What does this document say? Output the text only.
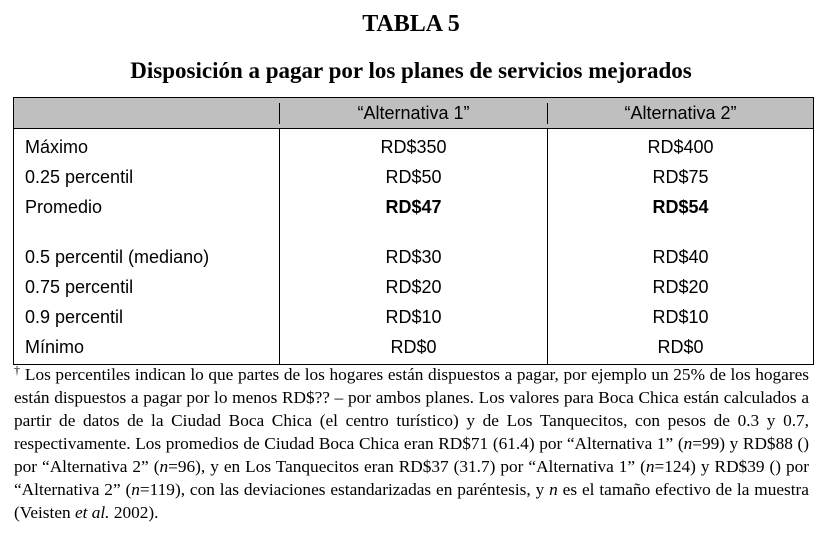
TABLA 5
Disposición a pagar por los planes de servicios mejorados
“Alternativa 1”	“Alternativa 2”
Máximo
0.25 percentil
Promedio
0.5 percentil (mediano)
0.75 percentil
0.9 percentil
Mínimo
RD$350
RD$50
RD$47
RD$30
RD$20
RD$10
RD$0
RD$400
RD$75
RD$54
RD$40
RD$20
RD$10
RD$0
† Los percentiles indican lo que partes de los hogares están dispuestos a pagar, por ejemplo un 25% de los hogares están dispuestos a pagar por lo menos RD$?? – por ambos planes. Los valores para Boca Chica están calculados a partir de datos de la Ciudad Boca Chica (el centro turístico) y de Los Tanquecitos, con pesos de 0.3 y 0.7, respectivamente. Los promedios de Ciudad Boca Chica eran RD$71 (61.4) por “Alternativa 1” (n=99) y RD$88 () por “Alternativa 2” (n=96), y en Los Tanquecitos eran RD$37 (31.7) por “Alternativa 1” (n=124) y RD$39 () por “Alternativa 2” (n=119), con las deviaciones estandarizadas en paréntesis, y n es el tamaño efectivo de la muestra (Veisten et al. 2002).
